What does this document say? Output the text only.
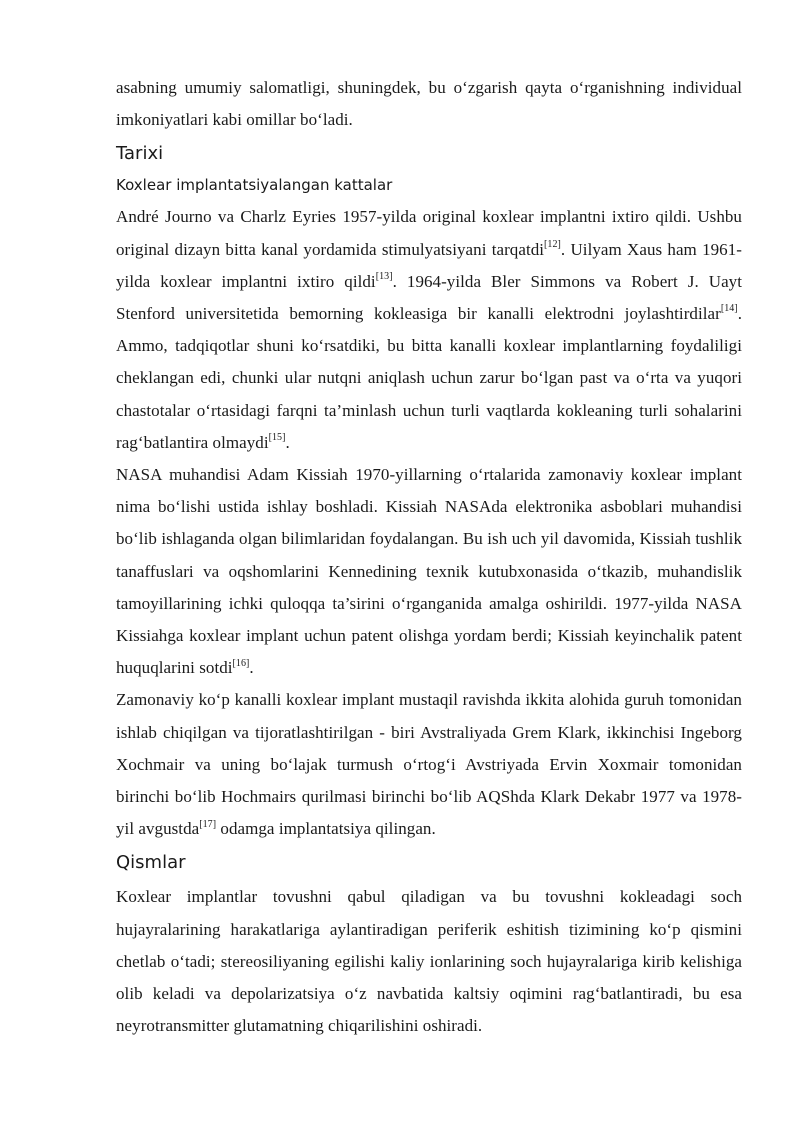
asabning umumiy salomatligi, shuningdek, bu o‘zgarish qayta o‘rganishning individual imkoniyatlari kabi omillar bo‘ladi.

Tarixi
Koxlear implantatsiyalangan kattalar

André Journo va Charlz Eyries 1957-yilda original koxlear implantni ixtiro qildi. Ushbu original dizayn bitta kanal yordamida stimulyatsiyani tarqatdi[12]. Uilyam Xaus ham 1961-yilda koxlear implantni ixtiro qildi[13]. 1964-yilda Bler Simmons va Robert J. Uayt Stenford universitetida bemorning kokleasiga bir kanalli elektrodni joylashtirdilar[14]. Ammo, tadqiqotlar shuni ko‘rsatdiki, bu bitta kanalli koxlear implantlarning foydaliligi cheklangan edi, chunki ular nutqni aniqlash uchun zarur bo‘lgan past va o‘rta va yuqori chastotalar o‘rtasidagi farqni ta’minlash uchun turli vaqtlarda kokleaning turli sohalarini rag‘batlantira olmaydi[15].

NASA muhandisi Adam Kissiah 1970-yillarning o‘rtalarida zamonaviy koxlear implant nima bo‘lishi ustida ishlay boshladi. Kissiah NASAda elektronika asboblari muhandisi bo‘lib ishlaganda olgan bilimlaridan foydalangan. Bu ish uch yil davomida, Kissiah tushlik tanaffuslari va oqshomlarini Kennedining texnik kutubxonasida o‘tkazib, muhandislik tamoyillarining ichki quloqqa ta’sirini o‘rganganida amalga oshirildi. 1977-yilda NASA Kissiahga koxlear implant uchun patent olishga yordam berdi; Kissiah keyinchalik patent huquqlarini sotdi[16].

Zamonaviy ko‘p kanalli koxlear implant mustaqil ravishda ikkita alohida guruh tomonidan ishlab chiqilgan va tijoratlashtirilgan - biri Avstraliyada Grem Klark, ikkinchisi Ingeborg Xochmair va uning bo‘lajak turmush o‘rtog‘i Avstriyada Ervin Xoxmair tomonidan birinchi bo‘lib Hochmairs qurilmasi birinchi bo‘lib AQShda Klark Dekabr 1977 va 1978-yil avgustda[17] odamga implantatsiya qilingan.

Qismlar

Koxlear implantlar tovushni qabul qiladigan va bu tovushni kokleadagi soch hujayralarining harakatlariga aylantiradigan periferik eshitish tizimining ko‘p qismini chetlab o‘tadi; stereosiliyaning egilishi kaliy ionlarining soch hujayralariga kirib kelishiga olib keladi va depolarizatsiya o‘z navbatida kaltsiy oqimini rag‘batlantiradi, bu esa neyrotransmitter glutamatning chiqarilishini oshiradi.
